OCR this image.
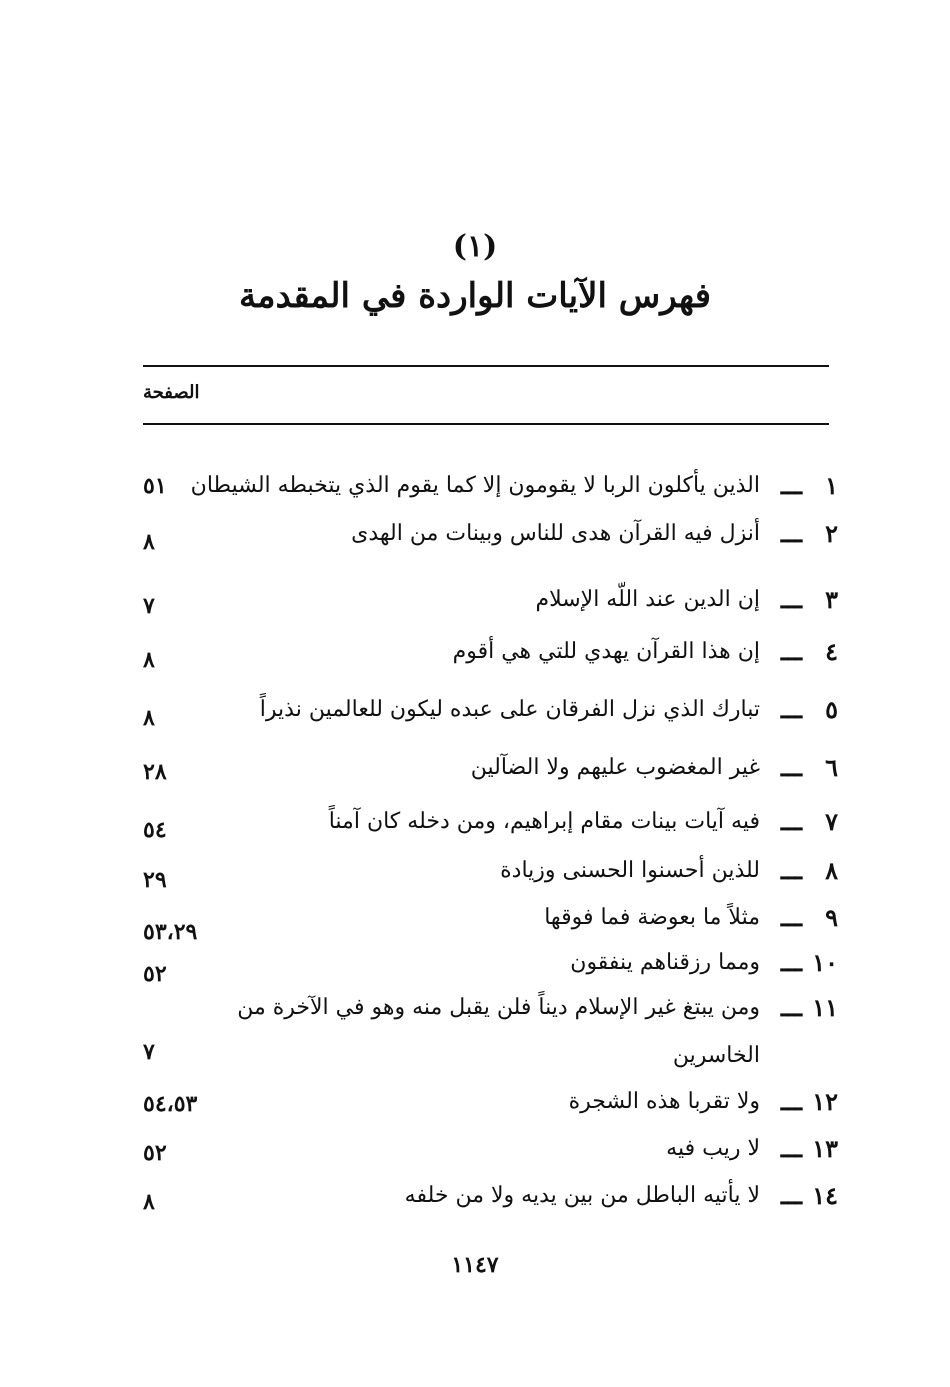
(١)
فهرس الآيات الواردة في المقدمة
الصفحة
١
ـــ
الذين يأكلون الربا لا يقومون إلا كما يقوم الذي يتخبطه الشيطان
٥١
٢
ـــ
أنزل فيه القرآن هدى للناس وبينات من الهدى
٨
٣
ـــ
إن الدين عند اللّه الإسلام
٧
٤
ـــ
إن هذا القرآن يهدي للتي هي أقوم
٨
٥
ـــ
تبارك الذي نزل الفرقان على عبده ليكون للعالمين نذيراً
٨
٦
ـــ
غير المغضوب عليهم ولا الضآلين
٢٨
٧
ـــ
فيه آيات بينات مقام إبراهيم، ومن دخله كان آمناً
٥٤
٨
ـــ
للذين أحسنوا الحسنى وزيادة
٢٩
٩
ـــ
مثلاً ما بعوضة فما فوقها
٥٣،٢٩
١٠
ـــ
ومما رزقناهم ينفقون
٥٢
١١
ـــ
ومن يبتغ غير الإسلام ديناً فلن يقبل منه وهو في الآخرة من الخاسرين
٧
١٢
ـــ
ولا تقربا هذه الشجرة
٥٤،٥٣
١٣
ـــ
لا ريب فيه
٥٢
١٤
ـــ
لا يأتيه الباطل من بين يديه ولا من خلفه
٨
١١٤٧
